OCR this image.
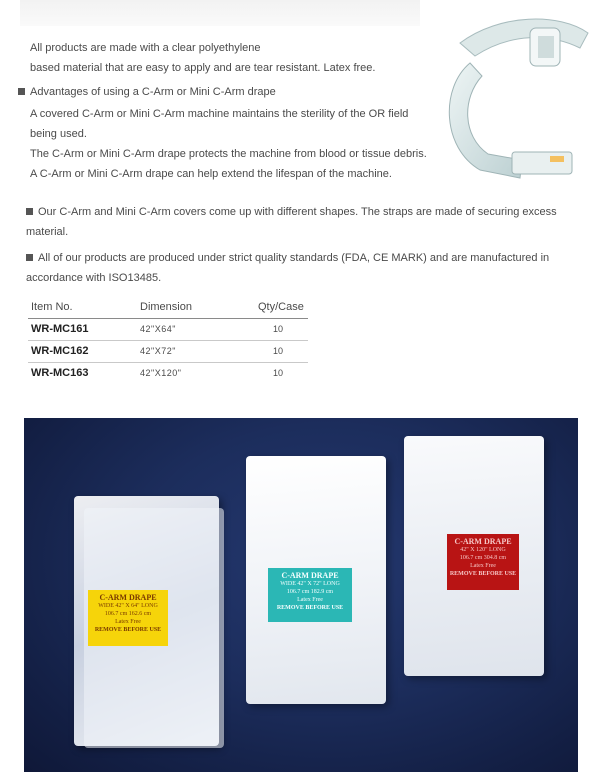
All products are made with a clear polyethylene
based material that are easy to apply and are tear resistant. Latex free.
Advantages of using a C-Arm or Mini C-Arm drape
A covered C-Arm or Mini C-Arm machine maintains the sterility of the OR field
being used.
The C-Arm or Mini C-Arm drape protects the machine from blood or tissue debris.
A C-Arm or Mini C-Arm drape can help extend the lifespan of the machine.
Our C-Arm and Mini C-Arm covers come up with different shapes. The straps are made of securing excess material.
All of our products are produced under strict quality standards (FDA, CE MARK) and are manufactured in accordance with ISO13485.
Item No.	Dimension	Qty/Case
WR-MC161	42"X64"	10
WR-MC162	42"X72"	10
WR-MC163	42"X120"	10
C-ARM DRAPE
WIDE 42" X 64" LONG
106.7 cm 162.6 cm
Latex Free
REMOVE BEFORE USE
C-ARM DRAPE
WIDE 42" X 72" LONG
106.7 cm 182.9 cm
Latex Free
REMOVE BEFORE USE
C-ARM DRAPE
42" X 120" LONG
106.7 cm 304.8 cm
Latex Free
REMOVE BEFORE USE
